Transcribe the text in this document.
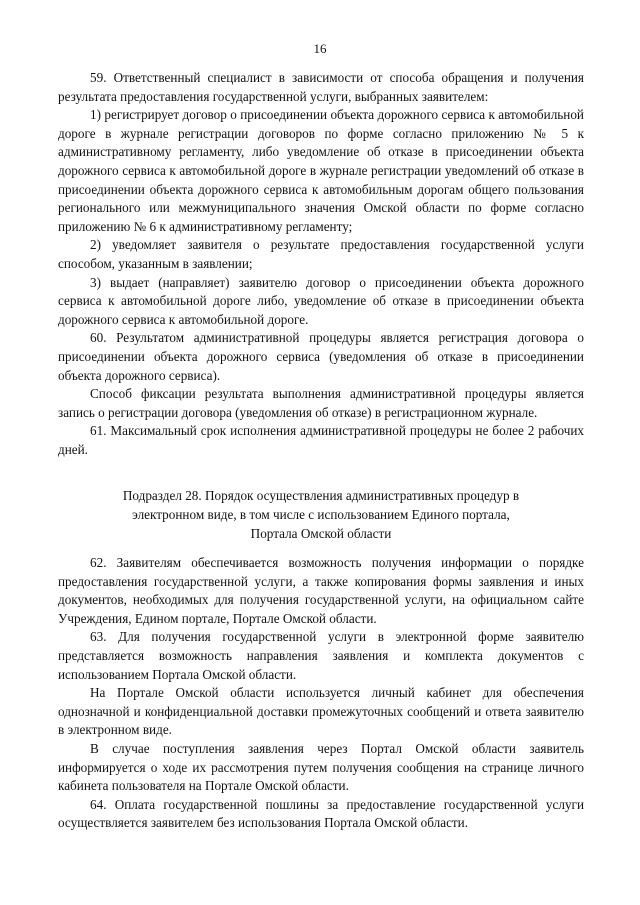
16

59. Ответственный специалист в зависимости от способа обращения и получения результата предоставления государственной услуги, выбранных заявителем:

1) регистрирует договор о присоединении объекта дорожного сервиса к автомобильной дороге в журнале регистрации договоров по форме согласно приложению № 5 к административному регламенту, либо уведомление об отказе в присоединении объекта дорожного сервиса к автомобильной дороге в журнале регистрации уведомлений об отказе в присоединении объекта дорожного сервиса к автомобильным дорогам общего пользования регионального или межмуниципального значения Омской области по форме согласно приложению № 6 к административному регламенту;

2) уведомляет заявителя о результате предоставления государственной услуги способом, указанным в заявлении;

3) выдает (направляет) заявителю договор о присоединении объекта дорожного сервиса к автомобильной дороге либо, уведомление об отказе в присоединении объекта дорожного сервиса к автомобильной дороге.

60. Результатом административной процедуры является регистрация договора о присоединении объекта дорожного сервиса (уведомления об отказе в присоединении объекта дорожного сервиса).

Способ фиксации результата выполнения административной процедуры является запись о регистрации договора (уведомления об отказе) в регистрационном журнале.

61. Максимальный срок исполнения административной процедуры не более 2 рабочих дней.

Подраздел 28. Порядок осуществления административных процедур в электронном виде, в том числе с использованием Единого портала, Портала Омской области

62. Заявителям обеспечивается возможность получения информации о порядке предоставления государственной услуги, а также копирования формы заявления и иных документов, необходимых для получения государственной услуги, на официальном сайте Учреждения, Едином портале, Портале Омской области.

63. Для получения государственной услуги в электронной форме заявителю представляется возможность направления заявления и комплекта документов с использованием Портала Омской области.

На Портале Омской области используется личный кабинет для обеспечения однозначной и конфиденциальной доставки промежуточных сообщений и ответа заявителю в электронном виде.

В случае поступления заявления через Портал Омской области заявитель информируется о ходе их рассмотрения путем получения сообщения на странице личного кабинета пользователя на Портале Омской области.

64. Оплата государственной пошлины за предоставление государственной услуги осуществляется заявителем без использования Портала Омской области.
